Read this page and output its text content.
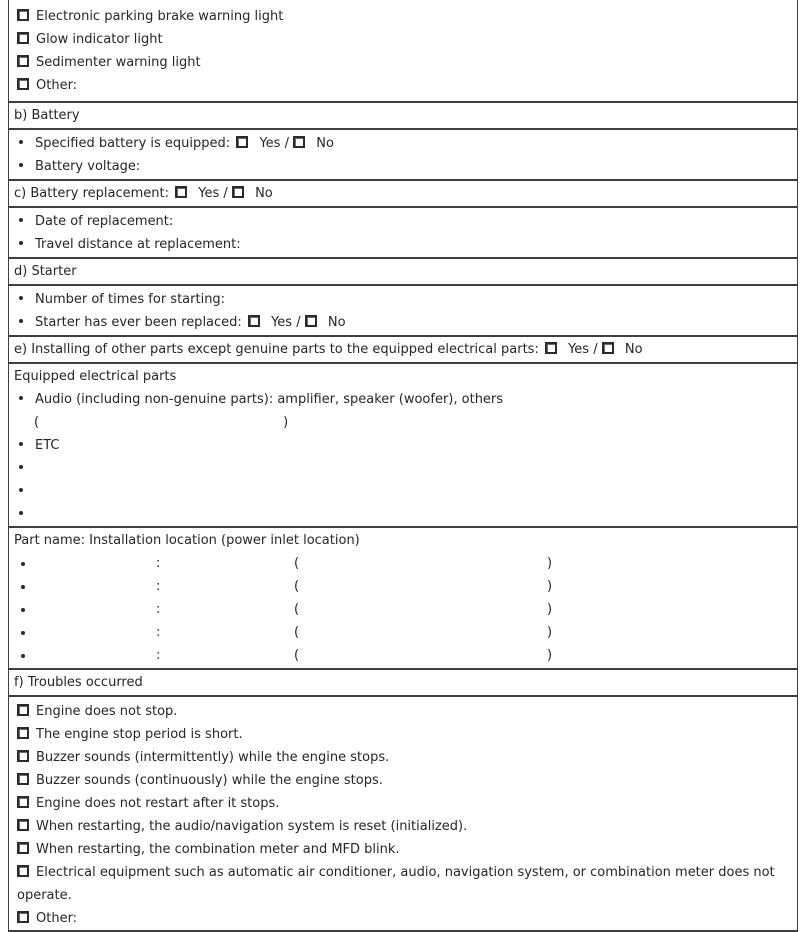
Electronic parking brake warning light
Glow indicator light
Sedimenter warning light
Other:
b) Battery
Specified battery is equipped:  Yes /  No
Battery voltage:
c) Battery replacement:  Yes /  No
Date of replacement:
Travel distance at replacement:
d) Starter
Number of times for starting:
Starter has ever been replaced:  Yes /  No
e) Installing of other parts except genuine parts to the equipped electrical parts:  Yes /  No
Equipped electrical parts
Audio (including non-genuine parts): amplifier, speaker (woofer), others
(	)
ETC
Part name: Installation location (power inlet location)
:	(	)
:	(	)
:	(	)
:	(	)
:	(	)
f) Troubles occurred
Engine does not stop.
The engine stop period is short.
Buzzer sounds (intermittently) while the engine stops.
Buzzer sounds (continuously) while the engine stops.
Engine does not restart after it stops.
When restarting, the audio/navigation system is reset (initialized).
When restarting, the combination meter and MFD blink.
Electrical equipment such as automatic air conditioner, audio, navigation system, or combination meter does not operate.
Other:
